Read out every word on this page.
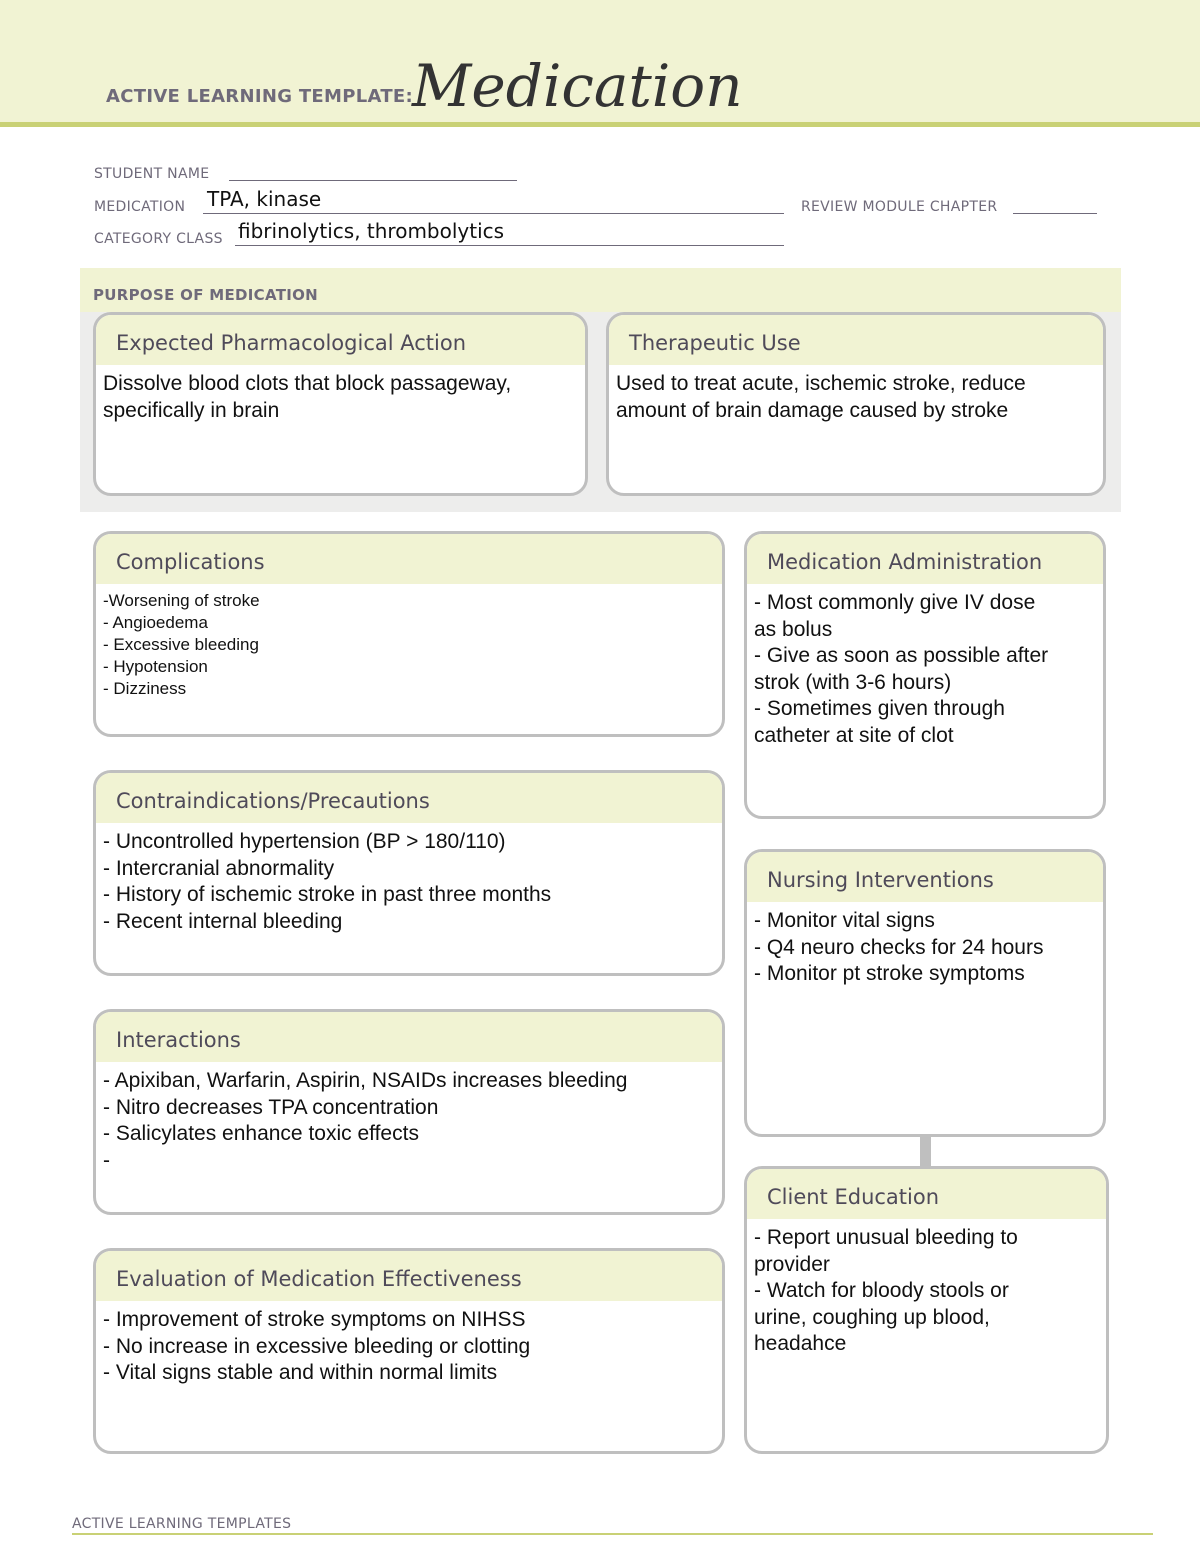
ACTIVE LEARNING TEMPLATE: Medication
STUDENT NAME
MEDICATION TPA, kinase	REVIEW MODULE CHAPTER
CATEGORY CLASS fibrinolytics, thrombolytics
PURPOSE OF MEDICATION
Expected Pharmacological Action
Dissolve blood clots that block passageway,
specifically in brain
Therapeutic Use
Used to treat acute, ischemic stroke, reduce
amount of brain damage caused by stroke
Complications
-Worsening of stroke
- Angioedema
- Excessive bleeding
- Hypotension
- Dizziness
Medication Administration
- Most commonly give IV dose
as bolus
- Give as soon as possible after
strok (with 3-6 hours)
- Sometimes given through
catheter at site of clot
Contraindications/Precautions
- Uncontrolled hypertension (BP > 180/110)
- Intercranial abnormality
- History of ischemic stroke in past three months
- Recent internal bleeding
Nursing Interventions
- Monitor vital signs
- Q4 neuro checks for 24 hours
- Monitor pt stroke symptoms
Interactions
- Apixiban, Warfarin, Aspirin, NSAIDs increases bleeding
- Nitro decreases TPA concentration
- Salicylates enhance toxic effects
-
Client Education
- Report unusual bleeding to
provider
- Watch for bloody stools or
urine, coughing up blood,
headahce
Evaluation of Medication Effectiveness
- Improvement of stroke symptoms on NIHSS
- No increase in excessive bleeding or clotting
- Vital signs stable and within normal limits
ACTIVE LEARNING TEMPLATES
